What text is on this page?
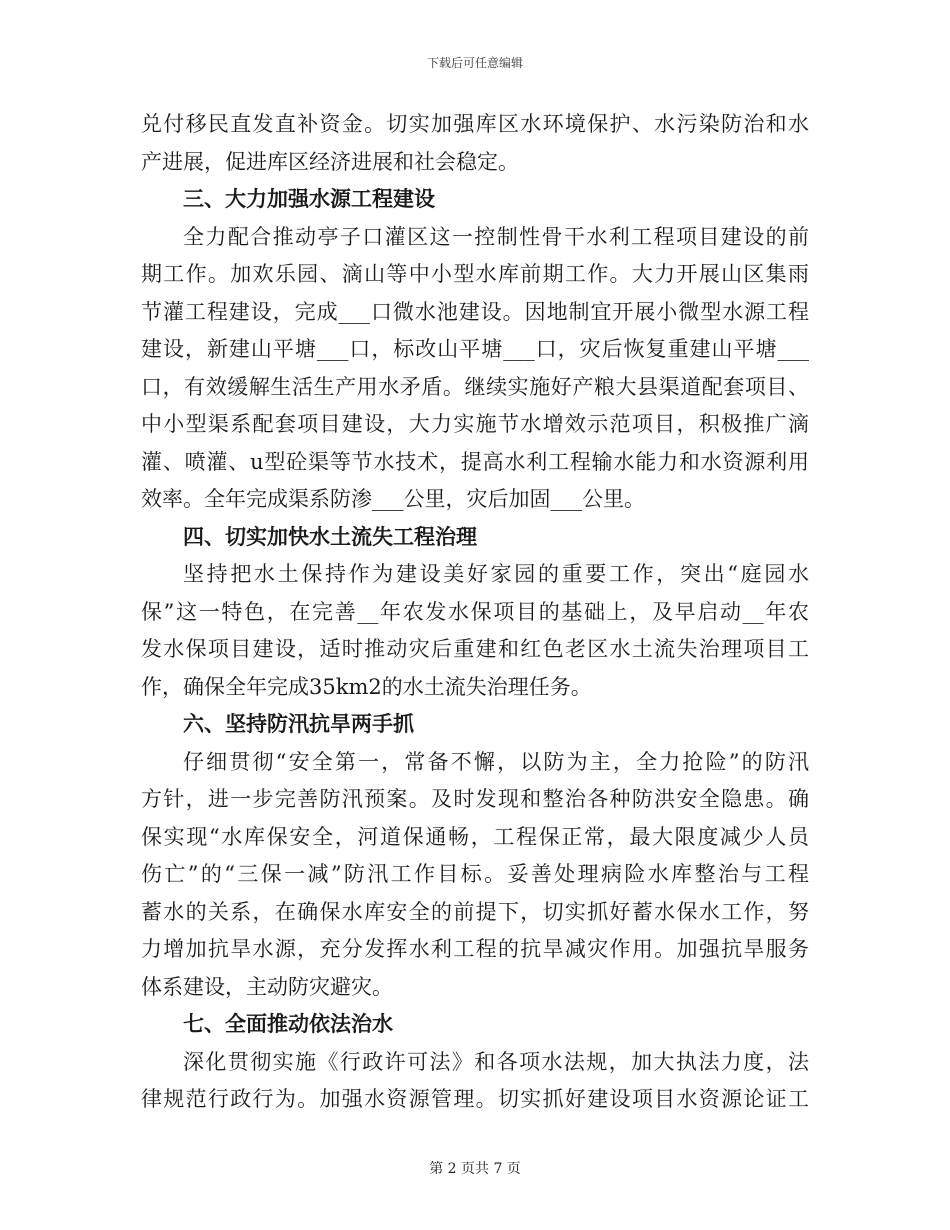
下载后可任意编辑
兑付移民直发直补资金。切实加强库区水环境保护、水污染防治和水
产进展，促进库区经济进展和社会稳定。
三、大力加强水源工程建设
全力配合推动亭子口灌区这一控制性骨干水利工程项目建设的前
期工作。加欢乐园、滴山等中小型水库前期工作。大力开展山区集雨
节灌工程建设，完成___口微水池建设。因地制宜开展小微型水源工程
建设，新建山平塘___口，标改山平塘___口，灾后恢复重建山平塘___
口，有效缓解生活生产用水矛盾。继续实施好产粮大县渠道配套项目、
中小型渠系配套项目建设，大力实施节水增效示范项目，积极推广滴
灌、喷灌、u型砼渠等节水技术，提高水利工程输水能力和水资源利用
效率。全年完成渠系防渗___公里，灾后加固___公里。
四、切实加快水土流失工程治理
坚持把水土保持作为建设美好家园的重要工作，突出“庭园水
保”这一特色，在完善__年农发水保项目的基础上，及早启动__年农
发水保项目建设，适时推动灾后重建和红色老区水土流失治理项目工
作，确保全年完成35km2的水土流失治理任务。
六、坚持防汛抗旱两手抓
仔细贯彻“安全第一，常备不懈，以防为主，全力抢险”的防汛
方针，进一步完善防汛预案。及时发现和整治各种防洪安全隐患。确
保实现“水库保安全，河道保通畅，工程保正常，最大限度减少人员
伤亡”的“三保一减”防汛工作目标。妥善处理病险水库整治与工程
蓄水的关系，在确保水库安全的前提下，切实抓好蓄水保水工作，努
力增加抗旱水源，充分发挥水利工程的抗旱减灾作用。加强抗旱服务
体系建设，主动防灾避灾。
七、全面推动依法治水
深化贯彻实施《行政许可法》和各项水法规，加大执法力度，法
律规范行政行为。加强水资源管理。切实抓好建设项目水资源论证工
第 2 页共 7 页
